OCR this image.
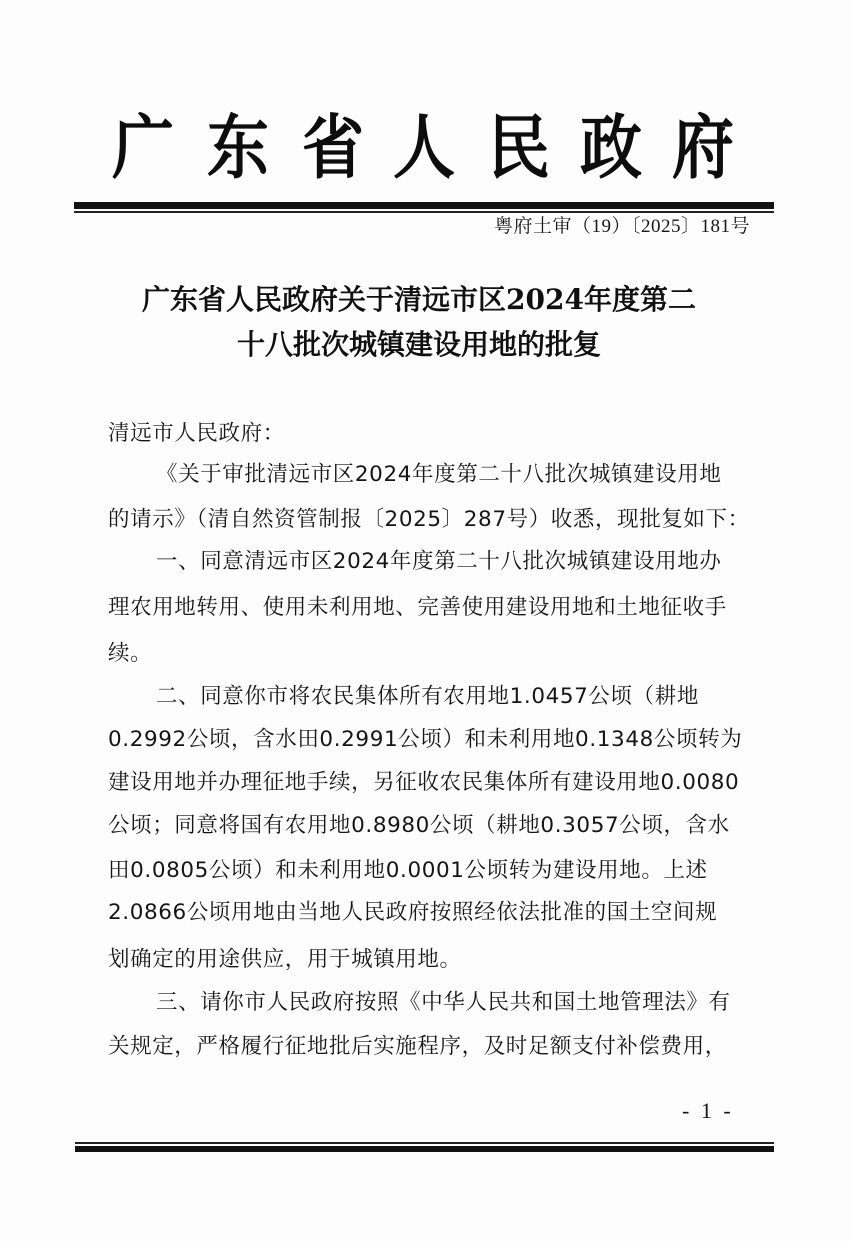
广 东 省 人 民 政 府
粤府土审（19）〔2025〕181号
广东省人民政府关于清远市区2024年度第二
十八批次城镇建设用地的批复
清远市人民政府：
《关于审批清远市区2024年度第二十八批次城镇建设用地
的请示》（清自然资管制报〔2025〕287号）收悉，现批复如下：
一、同意清远市区2024年度第二十八批次城镇建设用地办
理农用地转用、使用未利用地、完善使用建设用地和土地征收手
续。
二、同意你市将农民集体所有农用地1.0457公顷（耕地
0.2992公顷，含水田0.2991公顷）和未利用地0.1348公顷转为
建设用地并办理征地手续，另征收农民集体所有建设用地0.0080
公顷；同意将国有农用地0.8980公顷（耕地0.3057公顷，含水
田0.0805公顷）和未利用地0.0001公顷转为建设用地。上述
2.0866公顷用地由当地人民政府按照经依法批准的国土空间规
划确定的用途供应，用于城镇用地。
三、请你市人民政府按照《中华人民共和国土地管理法》有
关规定，严格履行征地批后实施程序，及时足额支付补偿费用，
- 1 -
